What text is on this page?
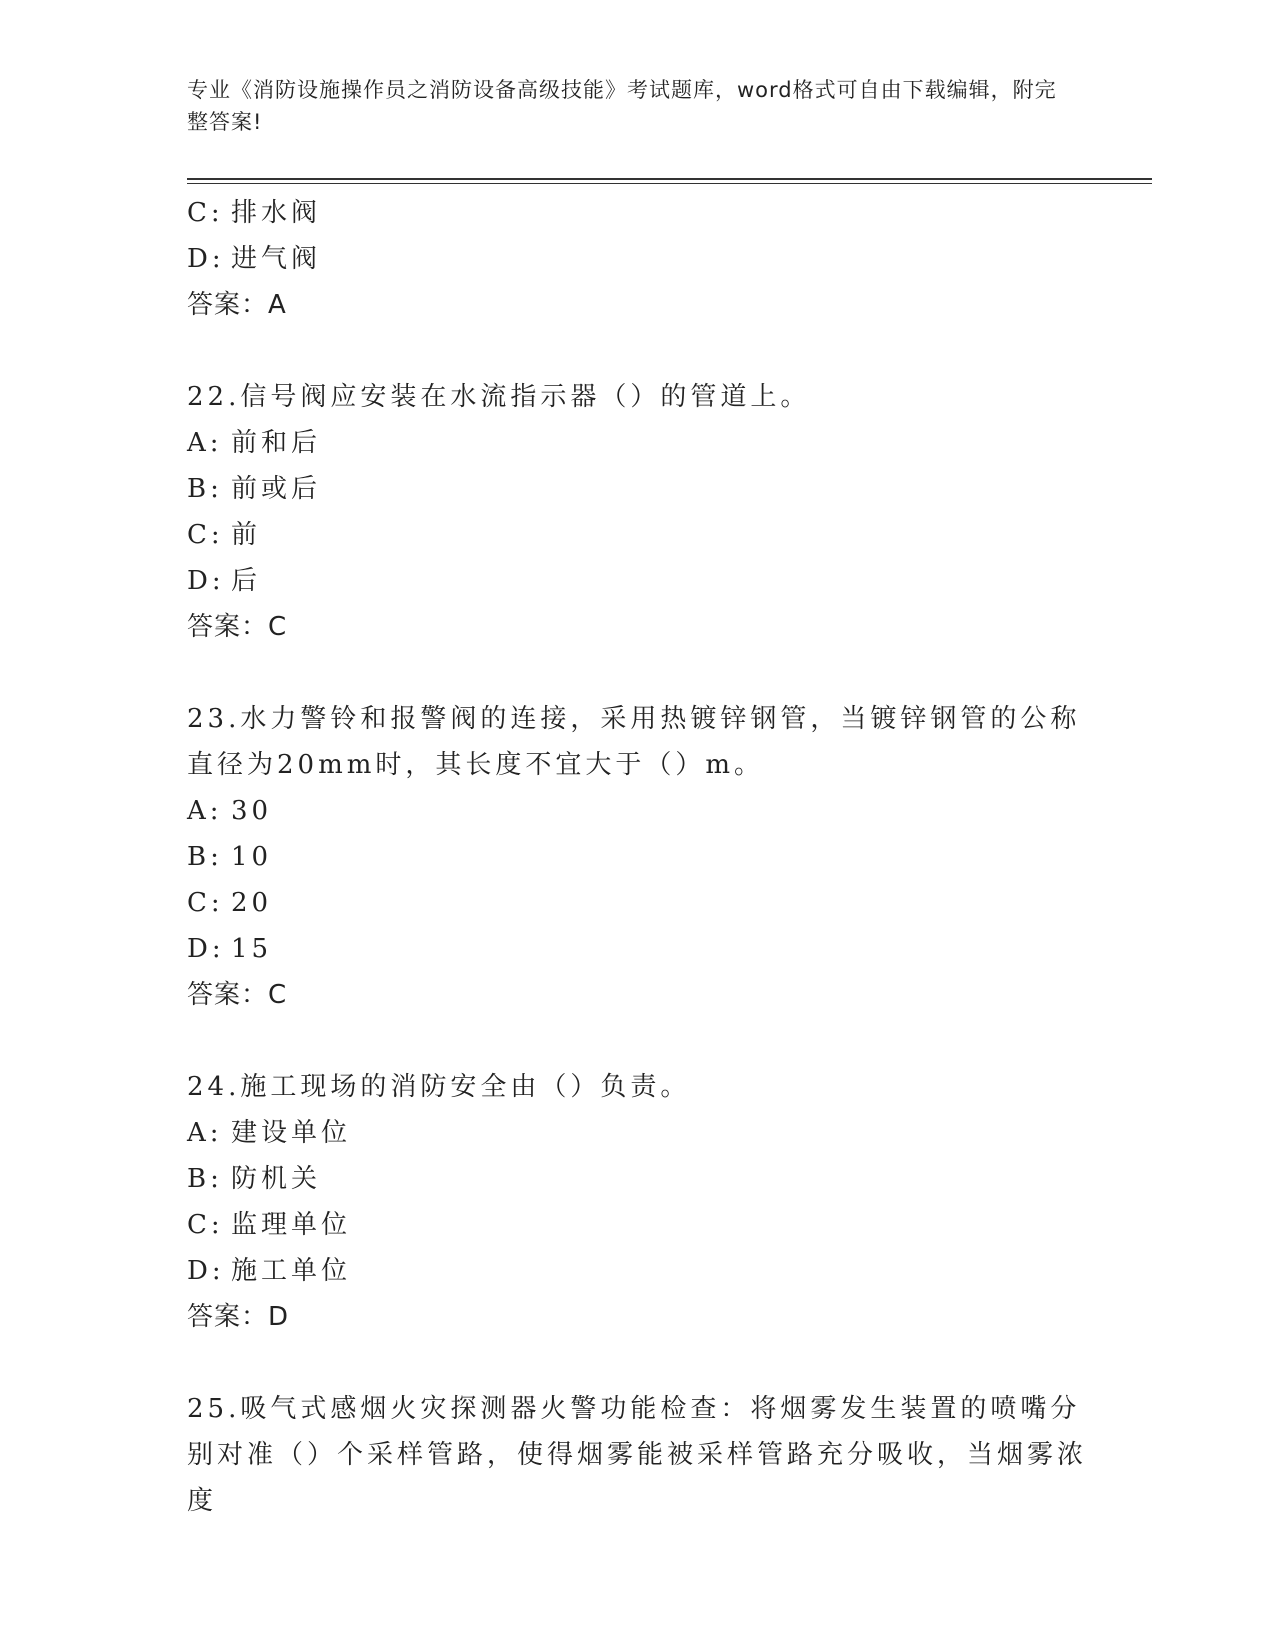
专业《消防设施操作员之消防设备高级技能》考试题库，word格式可自由下载编辑，附完整答案!
C: 排水阀
D: 进气阀
答案：A
22.信号阀应安装在水流指示器（）的管道上。
A: 前和后
B: 前或后
C: 前
D: 后
答案：C
23.水力警铃和报警阀的连接，采用热镀锌钢管，当镀锌钢管的公称直径为20mm时，其长度不宜大于（）m。
A: 30
B: 10
C: 20
D: 15
答案：C
24.施工现场的消防安全由（）负责。
A: 建设单位
B: 防机关
C: 监理单位
D: 施工单位
答案：D
25.吸气式感烟火灾探测器火警功能检查：将烟雾发生装置的喷嘴分别对准（）个采样管路，使得烟雾能被采样管路充分吸收，当烟雾浓度
